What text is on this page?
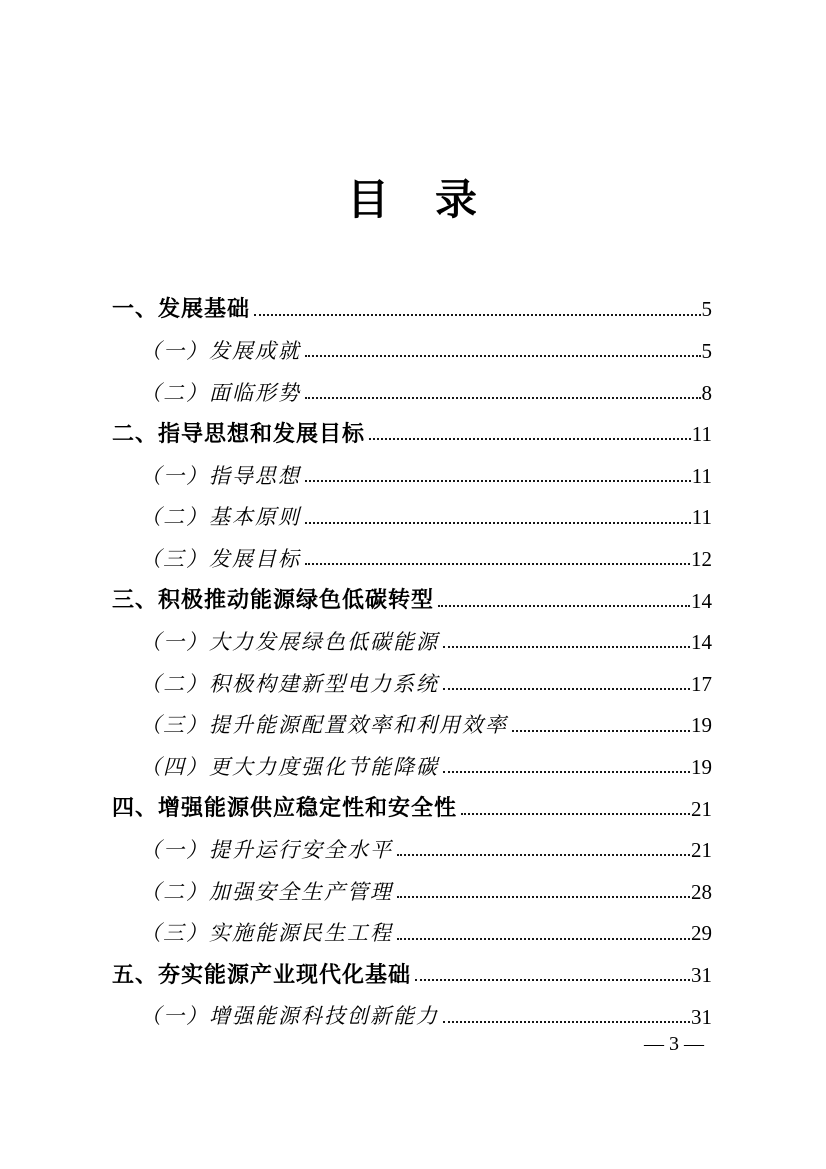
目　录
一、发展基础	5
（一）发展成就	5
（二）面临形势	8
二、指导思想和发展目标	11
（一）指导思想	11
（二）基本原则	11
（三）发展目标	12
三、积极推动能源绿色低碳转型	14
（一）大力发展绿色低碳能源	14
（二）积极构建新型电力系统	17
（三）提升能源配置效率和利用效率	19
（四）更大力度强化节能降碳	19
四、增强能源供应稳定性和安全性	21
（一）提升运行安全水平	21
（二）加强安全生产管理	28
（三）实施能源民生工程	29
五、夯实能源产业现代化基础	31
（一）增强能源科技创新能力	31
— 3 —
